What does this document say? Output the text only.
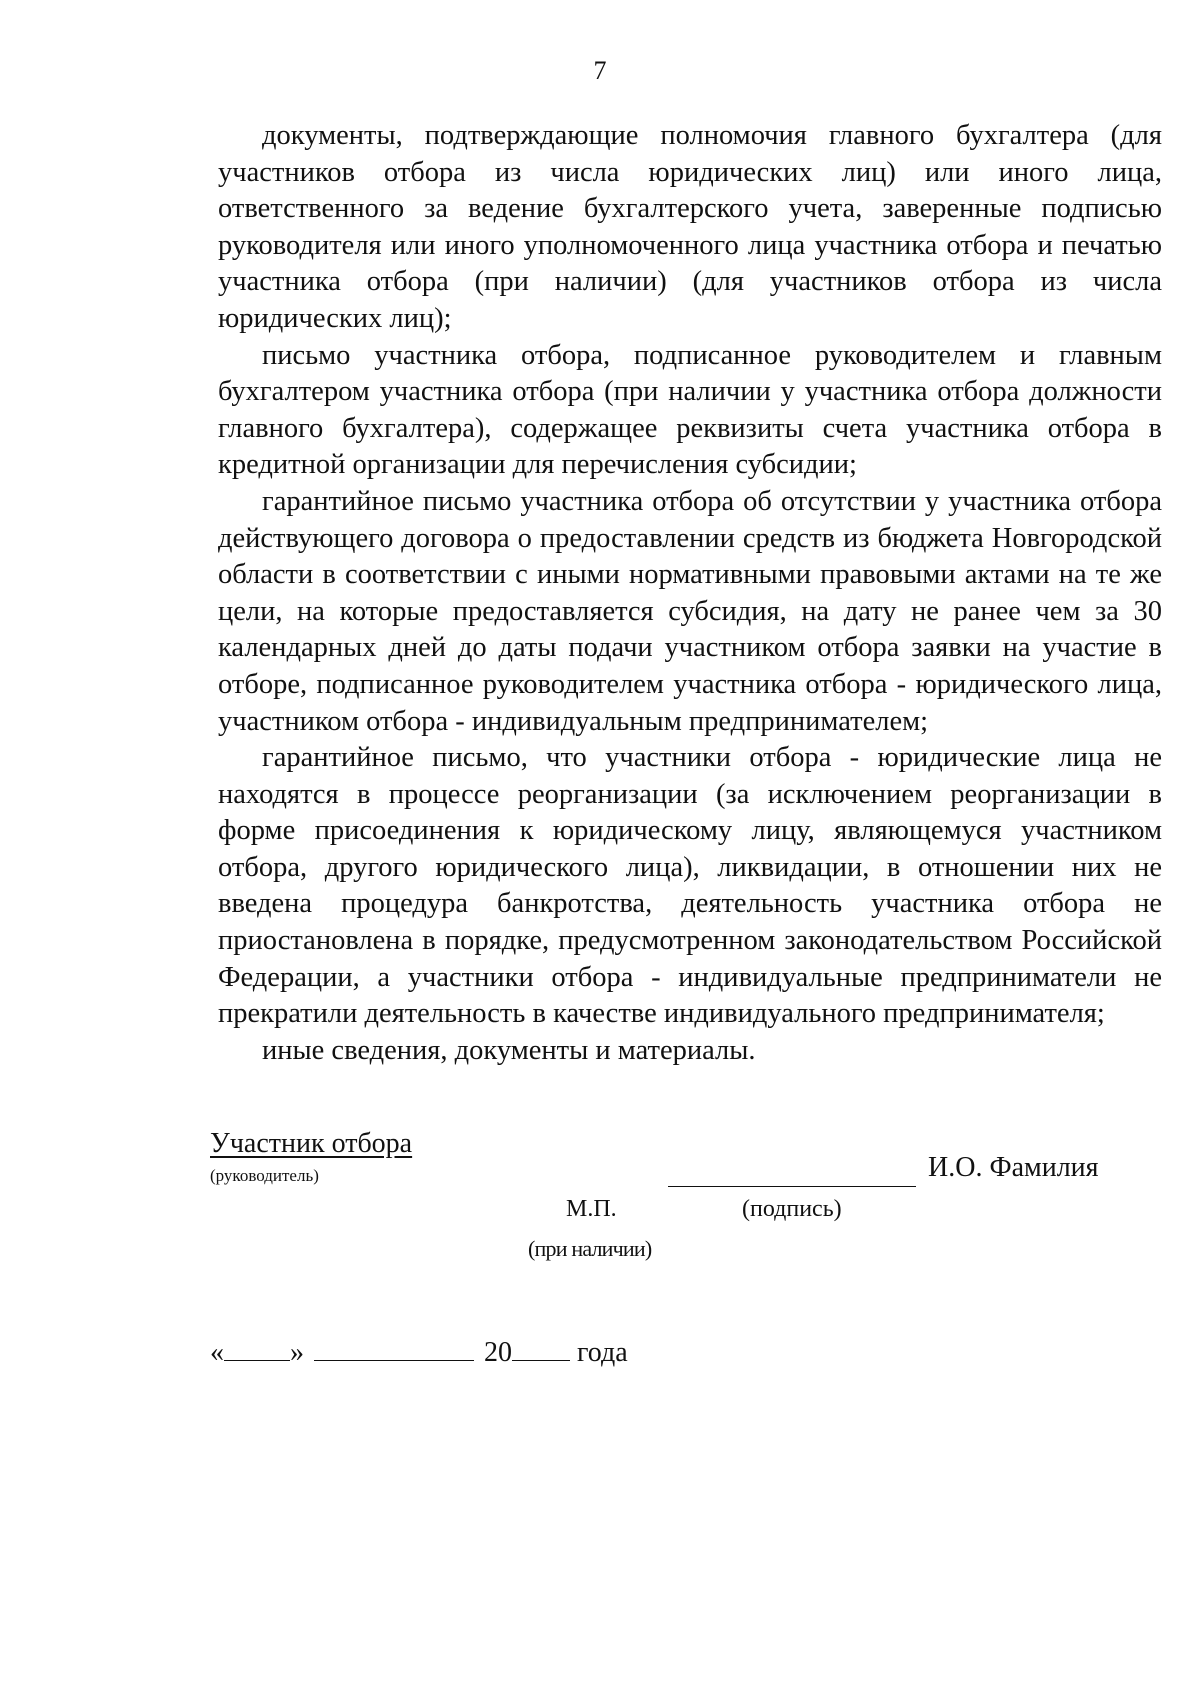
7

документы, подтверждающие полномочия главного бухгалтера (для участников отбора из числа юридических лиц) или иного лица, ответственного за ведение бухгалтерского учета, заверенные подписью руководителя или иного уполномоченного лица участника отбора и печатью участника отбора (при наличии) (для участников отбора из числа юридических лиц);

письмо участника отбора, подписанное руководителем и главным бухгалтером участника отбора (при наличии у участника отбора должности главного бухгалтера), содержащее реквизиты счета участника отбора в кредитной организации для перечисления субсидии;

гарантийное письмо участника отбора об отсутствии у участника отбора действующего договора о предоставлении средств из бюджета Новгородской области в соответствии с иными нормативными правовыми актами на те же цели, на которые предоставляется субсидия, на дату не ранее чем за 30 календарных дней до даты подачи участником отбора заявки на участие в отборе, подписанное руководителем участника отбора - юридического лица, участником отбора - индивидуальным предпринимателем;

гарантийное письмо, что участники отбора - юридические лица не находятся в процессе реорганизации (за исключением реорганизации в форме присоединения к юридическому лицу, являющемуся участником отбора, другого юридического лица), ликвидации, в отношении них не введена процедура банкротства, деятельность участника отбора не приостановлена в порядке, предусмотренном законодательством Российской Федерации, а участники отбора - индивидуальные предприниматели не прекратили деятельность в качестве индивидуального предпринимателя;

иные сведения, документы и материалы.

Участник отбора
(руководитель)	И.О. Фамилия
М.П.	(подпись)
(при наличии)
« »	20 года
